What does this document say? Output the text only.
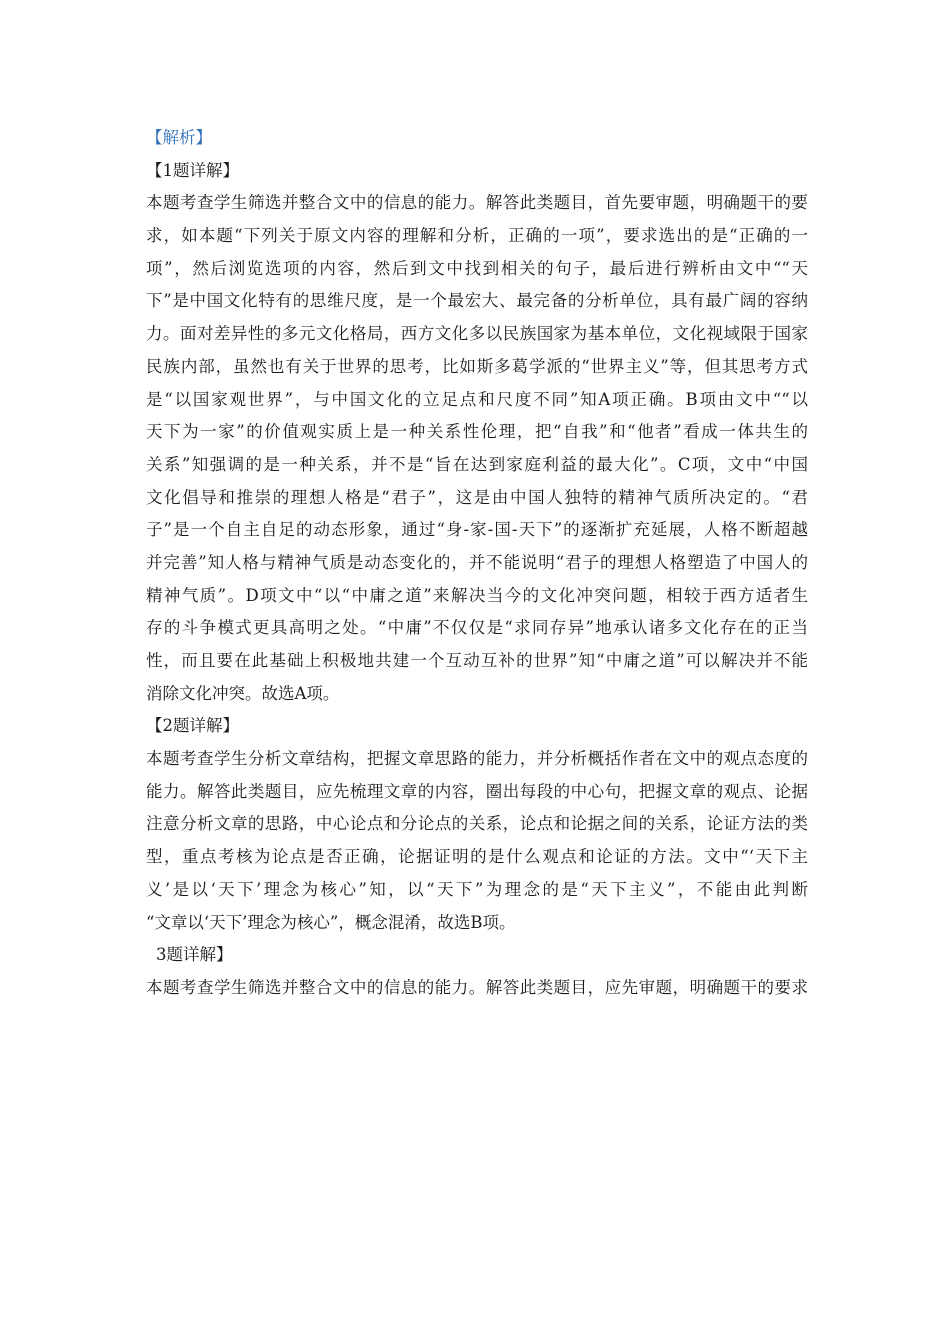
【解析】
【1题详解】
本题考查学生筛选并整合文中的信息的能力。解答此类题目，首先要审题，明确题干的要
求，如本题“下列关于原文内容的理解和分析，正确的一项”，要求选出的是“正确的一
项”，然后浏览选项的内容，然后到文中找到相关的句子，最后进行辨析由文中““天
下”是中国文化特有的思维尺度，是一个最宏大、最完备的分析单位，具有最广阔的容纳
力。面对差异性的多元文化格局，西方文化多以民族国家为基本单位，文化视域限于国家
民族内部，虽然也有关于世界的思考，比如斯多葛学派的“世界主义”等，但其思考方式
是“以国家观世界”，与中国文化的立足点和尺度不同”知A项正确。B项由文中““以
天下为一家”的价值观实质上是一种关系性伦理，把“自我”和“他者”看成一体共生的
关系”知强调的是一种关系，并不是“旨在达到家庭利益的最大化”。C项，文中“中国
文化倡导和推崇的理想人格是“君子”，这是由中国人独特的精神气质所决定的。“君
子”是一个自主自足的动态形象，通过“身-家-国-天下”的逐渐扩充延展，人格不断超越
并完善”知人格与精神气质是动态变化的，并不能说明“君子的理想人格塑造了中国人的
精神气质”。D项文中“以“中庸之道”来解决当今的文化冲突问题，相较于西方适者生
存的斗争模式更具高明之处。“中庸”不仅仅是“求同存异”地承认诸多文化存在的正当
性，而且要在此基础上积极地共建一个互动互补的世界”知“中庸之道”可以解决并不能
消除文化冲突。故选A项。
【2题详解】
本题考查学生分析文章结构，把握文章思路的能力，并分析概括作者在文中的观点态度的
能力。解答此类题目，应先梳理文章的内容，圈出每段的中心句，把握文章的观点、论据
注意分析文章的思路，中心论点和分论点的关系，论点和论据之间的关系，论证方法的类
型，重点考核为论点是否正确，论据证明的是什么观点和论证的方法。文中“‘天下主
义’是以‘天下’理念为核心”知，以“天下”为理念的是“天下主义”，不能由此判断
“文章以‘天下’理念为核心”，概念混淆，故选B项。
3题详解】
本题考查学生筛选并整合文中的信息的能力。解答此类题目，应先审题，明确题干的要求
